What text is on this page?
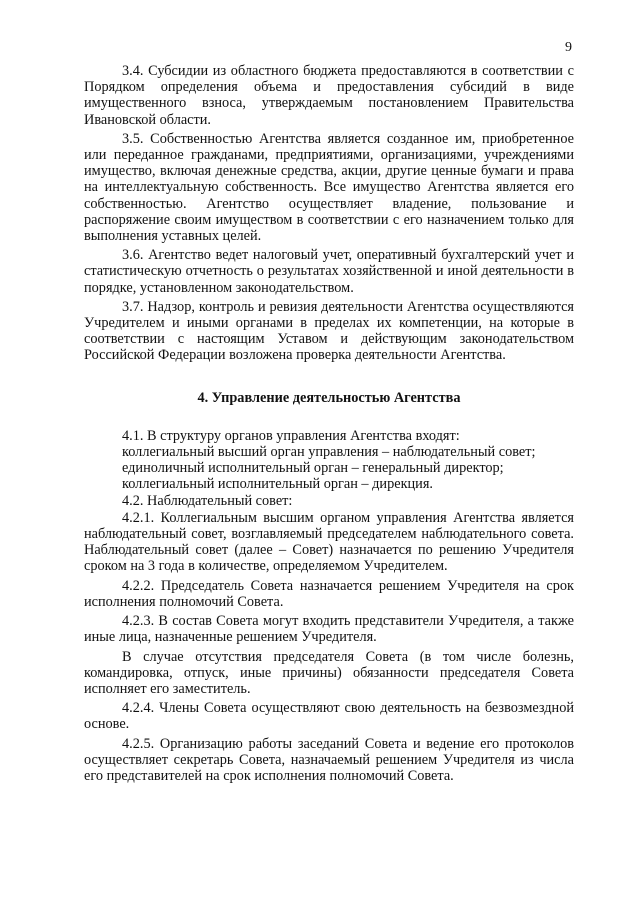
9

3.4. Субсидии из областного бюджета предоставляются в соответствии с Порядком определения объема и предоставления субсидий в виде имущественного взноса, утверждаемым постановлением Правительства Ивановской области.

3.5. Собственностью Агентства является созданное им, приобретенное или переданное гражданами, предприятиями, организациями, учреждениями имущество, включая денежные средства, акции, другие ценные бумаги и права на интеллектуальную собственность. Все имущество Агентства является его собственностью. Агентство осуществляет владение, пользование и распоряжение своим имуществом в соответствии с его назначением только для выполнения уставных целей.

3.6. Агентство ведет налоговый учет, оперативный бухгалтерский учет и статистическую отчетность о результатах хозяйственной и иной деятельности в порядке, установленном законодательством.

3.7. Надзор, контроль и ревизия деятельности Агентства осуществляются Учредителем и иными органами в пределах их компетенции, на которые в соответствии с настоящим Уставом и действующим законодательством Российской Федерации возложена проверка деятельности Агентства.

4. Управление деятельностью Агентства

4.1. В структуру органов управления Агентства входят:

коллегиальный высший орган управления – наблюдательный совет;

единоличный исполнительный орган – генеральный директор;

коллегиальный исполнительный орган – дирекция.

4.2. Наблюдательный совет:

4.2.1. Коллегиальным высшим органом управления Агентства является наблюдательный совет, возглавляемый председателем наблюдательного совета. Наблюдательный совет (далее – Совет) назначается по решению Учредителя сроком на 3 года в количестве, определяемом Учредителем.

4.2.2. Председатель Совета назначается решением Учредителя на срок исполнения полномочий Совета.

4.2.3. В состав Совета могут входить представители Учредителя, а также иные лица, назначенные решением Учредителя.

В случае отсутствия председателя Совета (в том числе болезнь, командировка, отпуск, иные причины) обязанности председателя Совета исполняет его заместитель.

4.2.4. Члены Совета осуществляют свою деятельность на безвозмездной основе.

4.2.5. Организацию работы заседаний Совета и ведение его протоколов осуществляет секретарь Совета, назначаемый решением Учредителя из числа его представителей на срок исполнения полномочий Совета.
